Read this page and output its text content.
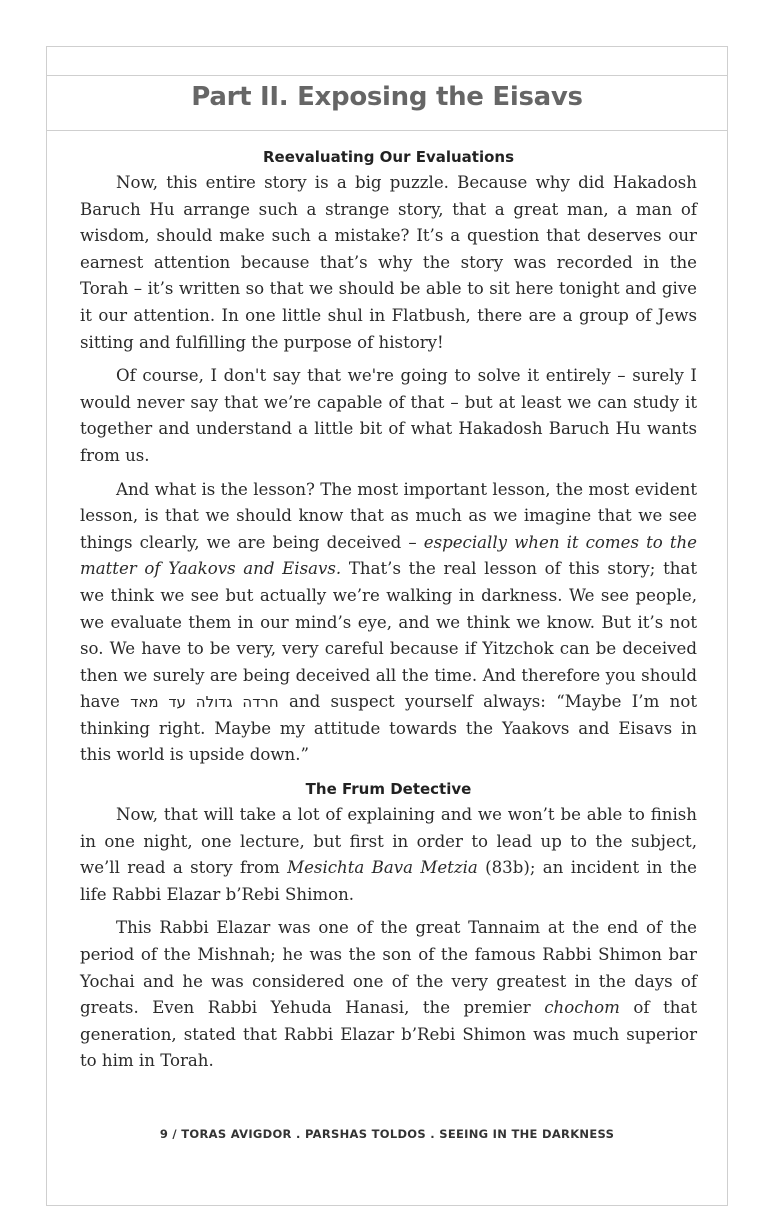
Part II. Exposing the Eisavs
Reevaluating Our Evaluations

Now, this entire story is a big puzzle. Because why did Hakadosh Baruch Hu arrange such a strange story, that a great man, a man of wisdom, should make such a mistake? It’s a question that deserves our earnest attention because that’s why the story was recorded in the Torah – it’s written so that we should be able to sit here tonight and give it our attention. In one little shul in Flatbush, there are a group of Jews sitting and fulfilling the purpose of history!

Of course, I don't say that we're going to solve it entirely – surely I would never say that we’re capable of that – but at least we can study it together and understand a little bit of what Hakadosh Baruch Hu wants from us.

And what is the lesson? The most important lesson, the most evident lesson, is that we should know that as much as we imagine that we see things clearly, we are being deceived – especially when it comes to the matter of Yaakovs and Eisavs. That’s the real lesson of this story; that we think we see but actually we’re walking in darkness. We see people, we evaluate them in our mind’s eye, and we think we know. But it’s not so. We have to be very, very careful because if Yitzchok can be deceived then we surely are being deceived all the time. And therefore you should have חרדה גדולה עד מאד and suspect yourself always: “Maybe I’m not thinking right. Maybe my attitude towards the Yaakovs and Eisavs in this world is upside down.”

The Frum Detective

Now, that will take a lot of explaining and we won’t be able to finish in one night, one lecture, but first in order to lead up to the subject, we’ll read a story from Mesichta Bava Metzia (83b); an incident in the life Rabbi Elazar b’Rebi Shimon.

This Rabbi Elazar was one of the great Tannaim at the end of the period of the Mishnah; he was the son of the famous Rabbi Shimon bar Yochai and he was considered one of the very greatest in the days of greats. Even Rabbi Yehuda Hanasi, the premier chochom of that generation, stated that Rabbi Elazar b’Rebi Shimon was much superior to him in Torah.

9 / TORAS AVIGDOR . PARSHAS TOLDOS . SEEING IN THE DARKNESS
